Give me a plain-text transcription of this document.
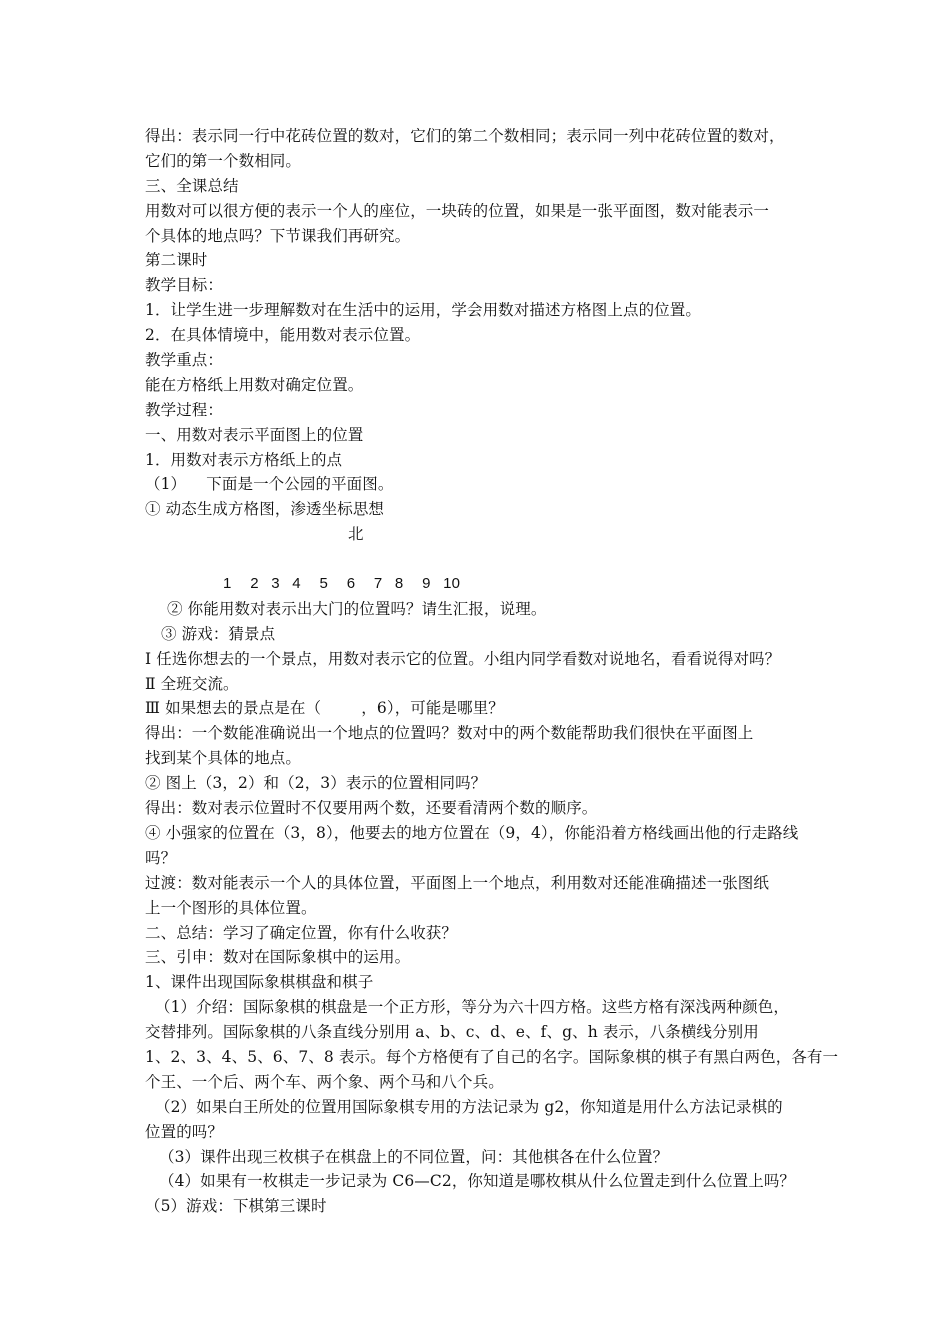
得出：表示同一行中花砖位置的数对，它们的第二个数相同；表示同一列中花砖位置的数对，
它们的第一个数相同。
三、全课总结
用数对可以很方便的表示一个人的座位，一块砖的位置，如果是一张平面图，数对能表示一
个具体的地点吗？下节课我们再研究。
第二课时
教学目标：
1．让学生进一步理解数对在生活中的运用，学会用数对描述方格图上点的位置。
2．在具体情境中，能用数对表示位置。
教学重点：
能在方格纸上用数对确定位置。
教学过程：
一、用数对表示平面图上的位置
1．用数对表示方格纸上的点
（1）    下面是一个公园的平面图。
① 动态生成方格图，渗透坐标思想
北
1   2  3  4   5   6   7  8   9  10
② 你能用数对表示出大门的位置吗？请生汇报，说理。
③ 游戏：猜景点
Ⅰ 任选你想去的一个景点，用数对表示它的位置。小组内同学看数对说地名，看看说得对吗？
Ⅱ 全班交流。
Ⅲ 如果想去的景点是在（        ，6），可能是哪里？
得出：一个数能准确说出一个地点的位置吗？数对中的两个数能帮助我们很快在平面图上
找到某个具体的地点。
② 图上（3，2）和（2，3）表示的位置相同吗？
得出：数对表示位置时不仅要用两个数，还要看清两个数的顺序。
④ 小强家的位置在（3，8），他要去的地方位置在（9，4），你能沿着方格线画出他的行走路线
吗？
过渡：数对能表示一个人的具体位置，平面图上一个地点，利用数对还能准确描述一张图纸
上一个图形的具体位置。
二、总结：学习了确定位置，你有什么收获？
三、引申：数对在国际象棋中的运用。
1、课件出现国际象棋棋盘和棋子
（1）介绍：国际象棋的棋盘是一个正方形，等分为六十四方格。这些方格有深浅两种颜色，
交替排列。国际象棋的八条直线分别用 a、b、c、d、e、f、g、h 表示，八条横线分别用
1、2、3、4、5、6、7、8 表示。每个方格便有了自己的名字。国际象棋的棋子有黑白两色，各有一
个王、一个后、两个车、两个象、两个马和八个兵。
（2）如果白王所处的位置用国际象棋专用的方法记录为 g2，你知道是用什么方法记录棋的
位置的吗？
（3）课件出现三枚棋子在棋盘上的不同位置，问：其他棋各在什么位置？
（4）如果有一枚棋走一步记录为 C6—C2，你知道是哪枚棋从什么位置走到什么位置上吗？
（5）游戏：下棋第三课时
